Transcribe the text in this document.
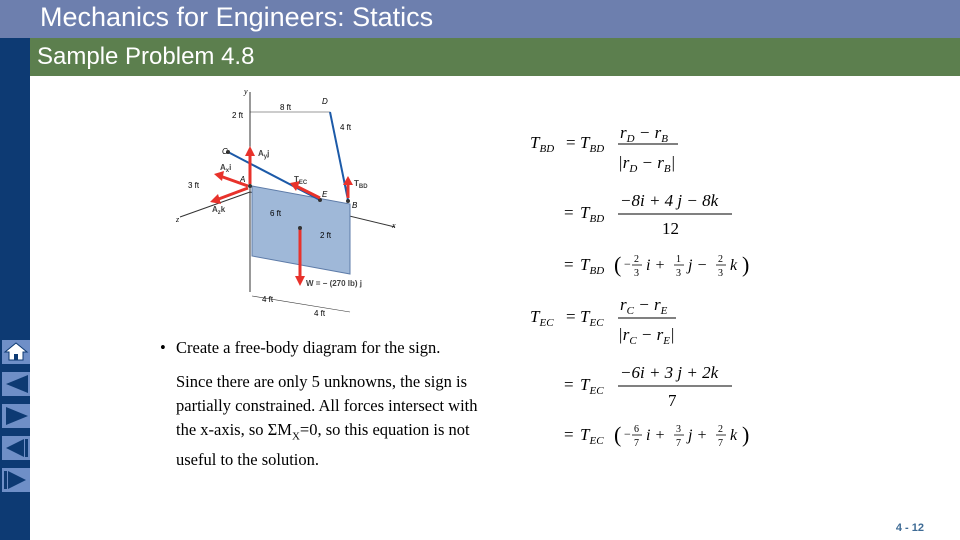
Mechanics for Engineers: Statics
Sample Problem 4.8
y
x
z
8 ft
2 ft
D
4 ft
C
A
E
B
$A_yj$
$A_xi$
$A_zk$
$T_{EC}$	$T_{BD}$
W = − (270 lb) j
3 ft
6 ft
2 ft
4 ft
4 ft
$T_{BD} = T_{BD}$
$r_D - r_B$
$|r_D - r_B|$
= $T_{BD}$
−8i + 4 j − 8k
12
= $T_{BD}$ ( − 2
3 i + 1
3 j − 2
3 k )
$T_{EC} = T_{EC}$
$r_C - r_E$
$|r_C - r_E|$
= $T_{EC}$
−6i + 3 j + 2k
7
= $T_{EC}$ ( − 6
7 i + 3
7 j + 2
7 k )
• Create a free-body diagram for the sign.
Since there are only 5 unknowns, the sign is partially constrained. All forces intersect with the x-axis, so $\Sigma M_X=0$, so this equation is not useful to the solution.
4 - 12
